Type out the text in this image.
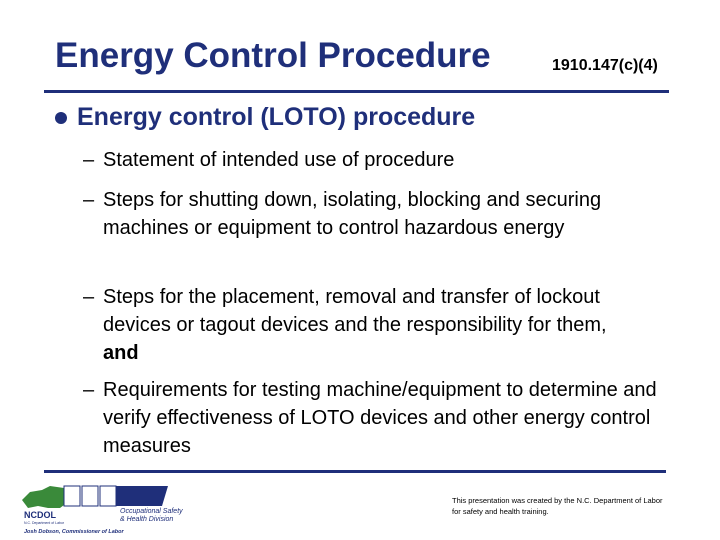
Energy Control Procedure	1910.147(c)(4)
Energy control (LOTO) procedure
– Statement of intended use of procedure
– Steps for shutting down, isolating, blocking and securing machines or equipment to control hazardous energy
– Steps for the placement, removal and transfer of lockout devices or tagout devices and the responsibility for them, and
– Requirements for testing machine/equipment to determine and verify effectiveness of LOTO devices and other energy control measures
NCDOL
N.C. Department of Labor
Occupational Safety
& Health Division
Josh Dobson, Commissioner of Labor
This presentation was created by the N.C. Department of Labor for safety and health training.
